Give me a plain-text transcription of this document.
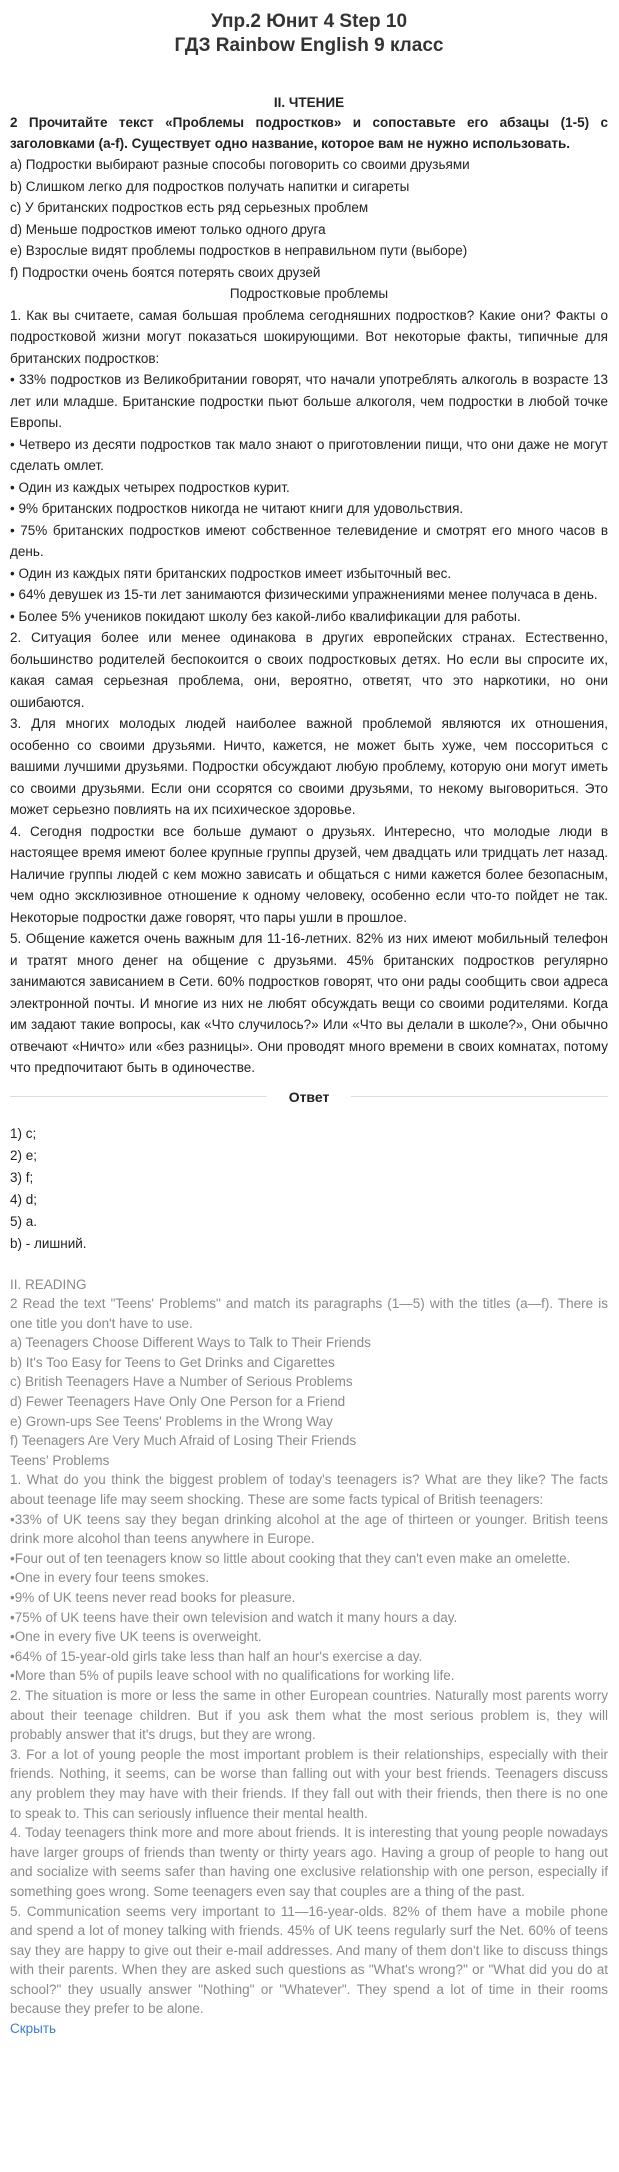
Упр.2 Юнит 4 Step 10
ГДЗ Rainbow English 9 класс

II. ЧТЕНИЕ

2 Прочитайте текст «Проблемы подростков» и сопоставьте его абзацы (1-5) с заголовками (a-f). Существует одно название, которое вам не нужно использовать.

a) Подростки выбирают разные способы поговорить со своими друзьями

b) Слишком легко для подростков получать напитки и сигареты

c) У британских подростков есть ряд серьезных проблем

d) Меньше подростков имеют только одного друга

e) Взрослые видят проблемы подростков в неправильном пути (выборе)

f) Подростки очень боятся потерять своих друзей

Подростковые проблемы

1. Как вы считаете, самая большая проблема сегодняшних подростков? Какие они? Факты о подростковой жизни могут показаться шокирующими. Вот некоторые факты, типичные для британских подростков:

• 33% подростков из Великобритании говорят, что начали употреблять алкоголь в возрасте 13 лет или младше. Британские подростки пьют больше алкоголя, чем подростки в любой точке Европы.

• Четверо из десяти подростков так мало знают о приготовлении пищи, что они даже не могут сделать омлет.

• Один из каждых четырех подростков курит.

• 9% британских подростков никогда не читают книги для удовольствия.

• 75% британских подростков имеют собственное телевидение и смотрят его много часов в день.

• Один из каждых пяти британских подростков имеет избыточный вес.

• 64% девушек из 15-ти лет занимаются физическими упражнениями менее получаса в день.

• Более 5% учеников покидают школу без какой-либо квалификации для работы.

2. Ситуация более или менее одинакова в других европейских странах. Естественно, большинство родителей беспокоится о своих подростковых детях. Но если вы спросите их, какая самая серьезная проблема, они, вероятно, ответят, что это наркотики, но они ошибаются.

3. Для многих молодых людей наиболее важной проблемой являются их отношения, особенно со своими друзьями. Ничто, кажется, не может быть хуже, чем поссориться с вашими лучшими друзьями. Подростки обсуждают любую проблему, которую они могут иметь со своими друзьями. Если они ссорятся со своими друзьями, то некому выговориться. Это может серьезно повлиять на их психическое здоровье.

4. Сегодня подростки все больше думают о друзьях. Интересно, что молодые люди в настоящее время имеют более крупные группы друзей, чем двадцать или тридцать лет назад. Наличие группы людей с кем можно зависать и общаться с ними кажется более безопасным, чем одно эксклюзивное отношение к одному человеку, особенно если что-то пойдет не так. Некоторые подростки даже говорят, что пары ушли в прошлое.

5. Общение кажется очень важным для 11-16-летних. 82% из них имеют мобильный телефон и тратят много денег на общение с друзьями. 45% британских подростков регулярно занимаются зависанием в Сети. 60% подростков говорят, что они рады сообщить свои адреса электронной почты. И многие из них не любят обсуждать вещи со своими родителями. Когда им задают такие вопросы, как «Что случилось?» Или «Что вы делали в школе?», Они обычно отвечают «Ничто» или «без разницы». Они проводят много времени в своих комнатах, потому что предпочитают быть в одиночестве.

Ответ

1) c;

2) e;

3) f;

4) d;

5) a.

b) - лишний.

II. READING

2 Read the text "Teens' Problems" and match its paragraphs (1—5) with the titles (a—f). There is one title you don't have to use.

a) Teenagers Choose Different Ways to Talk to Their Friends

b) It's Too Easy for Teens to Get Drinks and Cigarettes

c) British Teenagers Have a Number of Serious Problems

d) Fewer Teenagers Have Only One Person for a Friend

e) Grown-ups See Teens' Problems in the Wrong Way

f) Teenagers Are Very Much Afraid of Losing Their Friends

Teens' Problems

1. What do you think the biggest problem of today's teenagers is? What are they like? The facts about teenage life may seem shocking. These are some facts typical of British teenagers:

•33% of UK teens say they began drinking alcohol at the age of thirteen or younger. British teens drink more alcohol than teens anywhere in Europe.

•Four out of ten teenagers know so little about cooking that they can't even make an omelette.

•One in every four teens smokes.

•9% of UK teens never read books for pleasure.

•75% of UK teens have their own television and watch it many hours a day.

•One in every five UK teens is overweight.

•64% of 15-year-old girls take less than half an hour's exercise a day.

•More than 5% of pupils leave school with no qualifications for working life.

2. The situation is more or less the same in other European countries. Naturally most parents worry about their teenage children. But if you ask them what the most serious problem is, they will probably answer that it's drugs, but they are wrong.

3. For a lot of young people the most important problem is their relationships, especially with their friends. Nothing, it seems, can be worse than falling out with your best friends. Teenagers discuss any problem they may have with their friends. If they fall out with their friends, then there is no one to speak to. This can seriously influence their mental health.

4. Today teenagers think more and more about friends. It is interesting that young people nowadays have larger groups of friends than twenty or thirty years ago. Having a group of people to hang out and socialize with seems safer than having one exclusive relationship with one person, especially if something goes wrong. Some teenagers even say that couples are a thing of the past.

5. Communication seems very important to 11—16-year-olds. 82% of them have a mobile phone and spend a lot of money talking with friends. 45% of UK teens regularly surf the Net. 60% of teens say they are happy to give out their e-mail addresses. And many of them don't like to discuss things with their parents. When they are asked such questions as "What's wrong?" or "What did you do at school?" they usually answer "Nothing" or "Whatever". They spend a lot of time in their rooms because they prefer to be alone.

Скрыть
